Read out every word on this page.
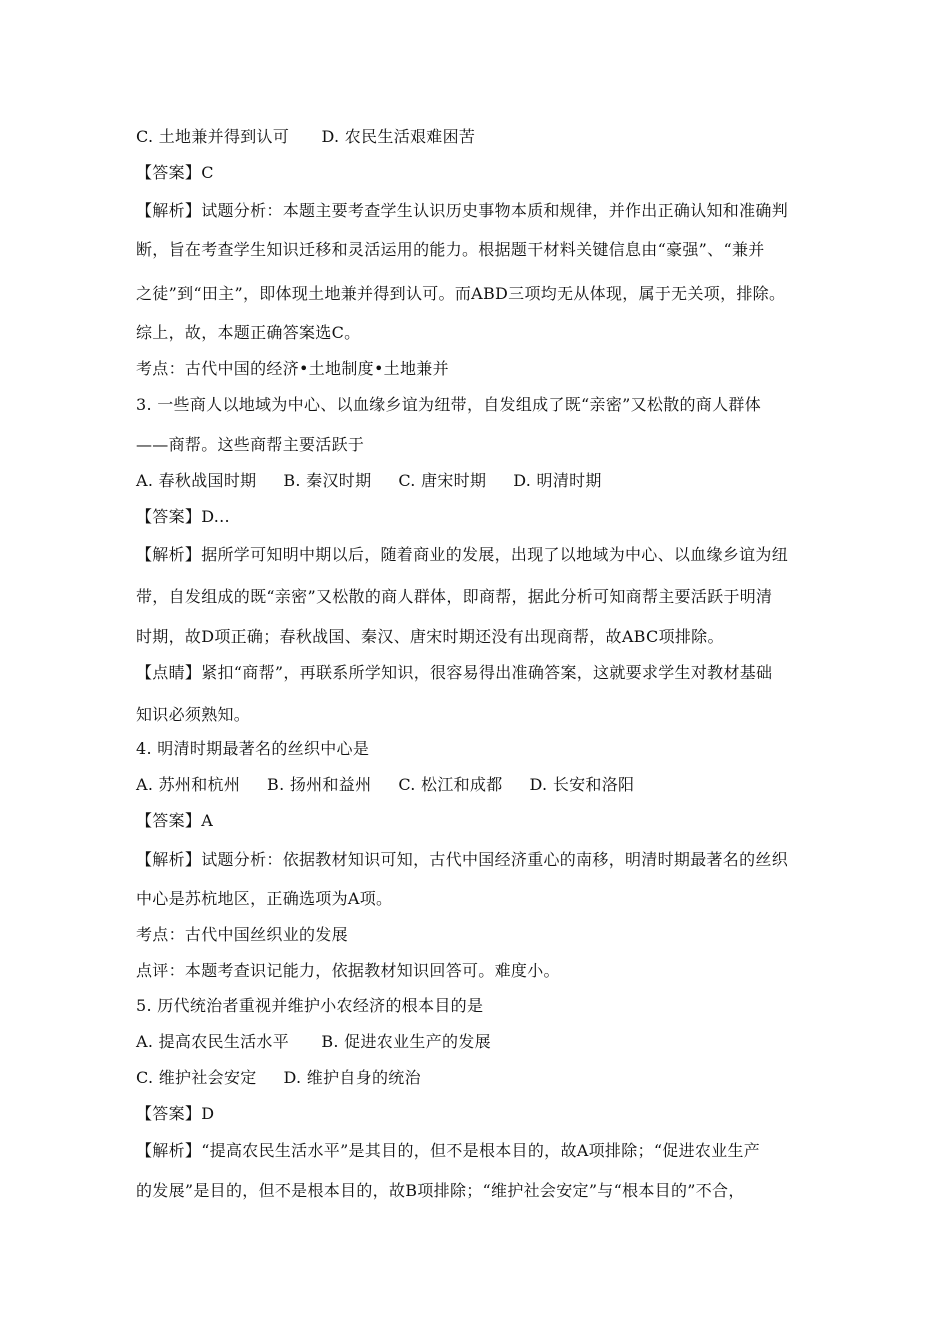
C. 土地兼并得到认可      D. 农民生活艰难困苦
【答案】C
【解析】试题分析：本题主要考查学生认识历史事物本质和规律，并作出正确认知和准确判
断，旨在考查学生知识迁移和灵活运用的能力。根据题干材料关键信息由“豪强”、“兼并
之徒”到“田主”，即体现土地兼并得到认可。而ABD三项均无从体现，属于无关项，排除。
综上，故，本题正确答案选C。
考点：古代中国的经济•土地制度•土地兼并
3. 一些商人以地域为中心、以血缘乡谊为纽带，自发组成了既“亲密”又松散的商人群体
——商帮。这些商帮主要活跃于
A. 春秋战国时期     B. 秦汉时期     C. 唐宋时期     D. 明清时期
【答案】D...
【解析】据所学可知明中期以后，随着商业的发展，出现了以地域为中心、以血缘乡谊为纽
带，自发组成的既“亲密”又松散的商人群体，即商帮，据此分析可知商帮主要活跃于明清
时期，故D项正确；春秋战国、秦汉、唐宋时期还没有出现商帮，故ABC项排除。
【点睛】紧扣“商帮”，再联系所学知识，很容易得出准确答案，这就要求学生对教材基础
知识必须熟知。
4. 明清时期最著名的丝织中心是
A. 苏州和杭州     B. 扬州和益州     C. 松江和成都     D. 长安和洛阳
【答案】A
【解析】试题分析：依据教材知识可知，古代中国经济重心的南移，明清时期最著名的丝织
中心是苏杭地区，正确选项为A项。
考点：古代中国丝织业的发展
点评：本题考查识记能力，依据教材知识回答可。难度小。
5. 历代统治者重视并维护小农经济的根本目的是
A. 提高农民生活水平      B. 促进农业生产的发展
C. 维护社会安定     D. 维护自身的统治
【答案】D
【解析】“提高农民生活水平”是其目的，但不是根本目的，故A项排除；“促进农业生产
的发展”是目的，但不是根本目的，故B项排除；“维护社会安定”与“根本目的”不合，
